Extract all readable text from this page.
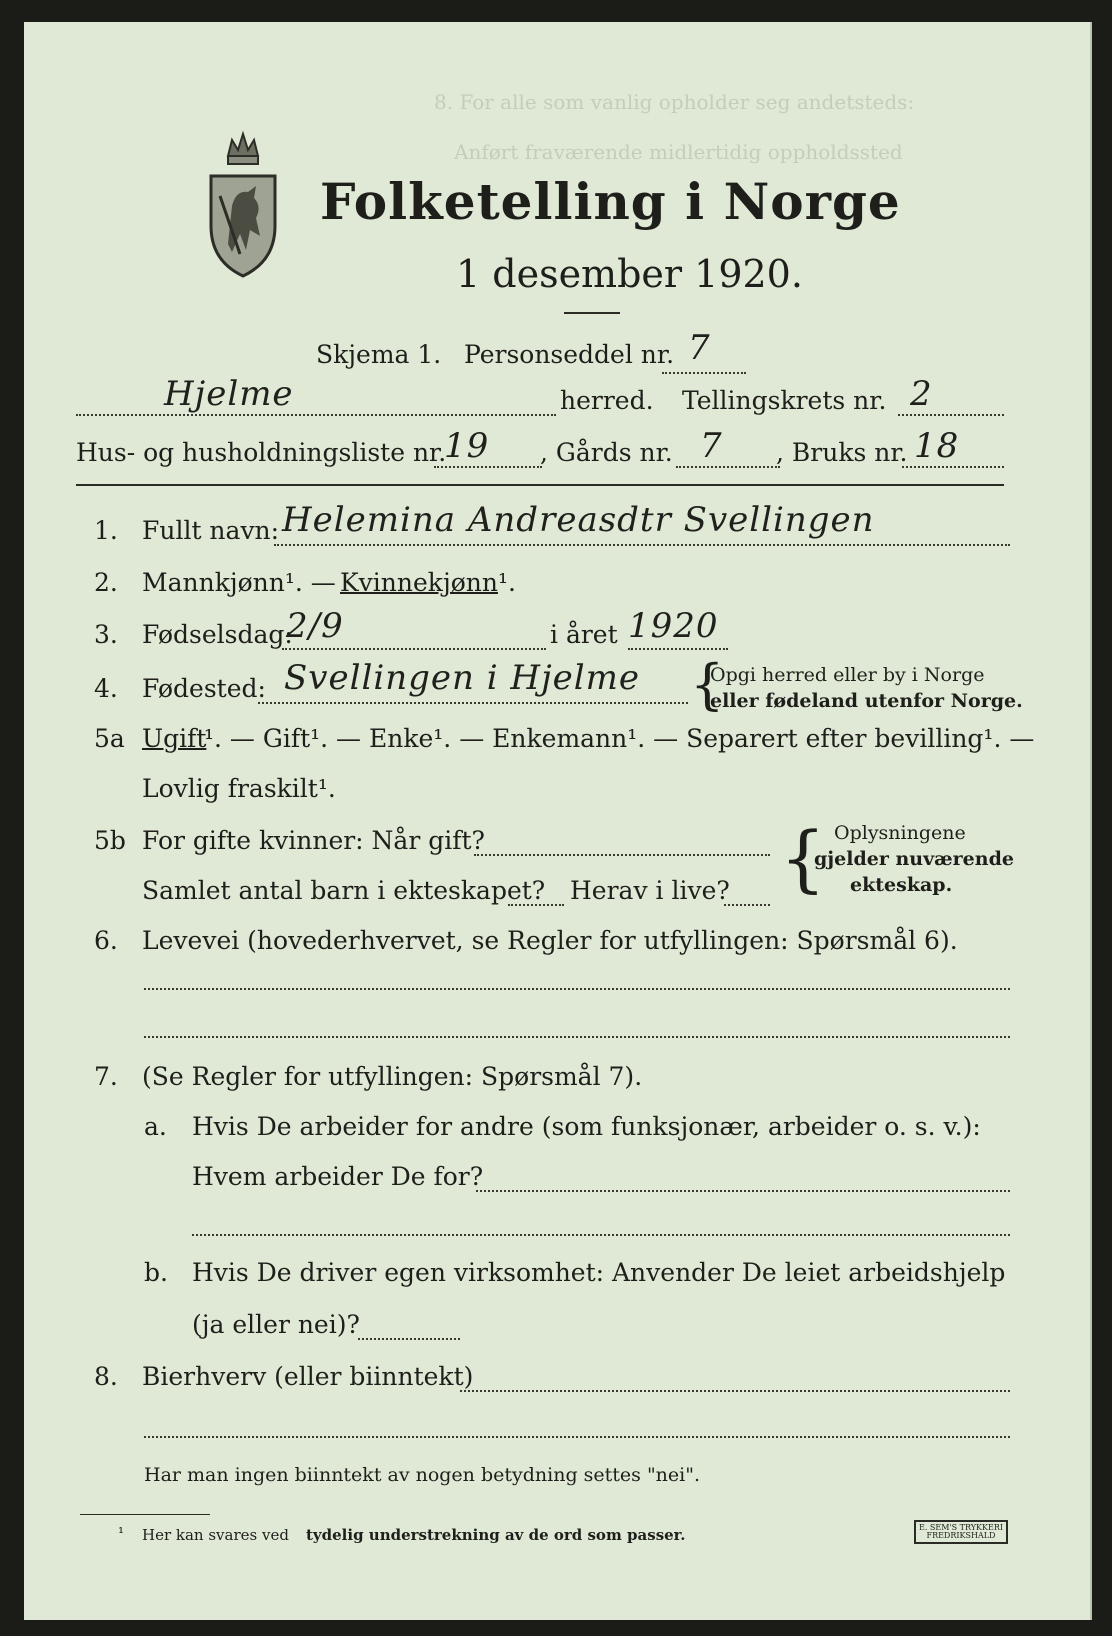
8. For alle som vanlig opholder seg andetsteds:
Anført fraværende midlertidig oppholdssted
Folketelling i Norge
1 desember 1920.
Skjema 1. Personseddel nr. 7
Hjelme	herred. Tellingskrets nr. 2
Hus- og husholdningsliste nr.
19 , Gårds nr. 7 , Bruks nr. 18
1. Fullt navn: Helemina Andreasdtr Svellingen
2. Mannkjønn¹. — Kvinnekjønn ¹.
3. Fødselsdag:
2/9	i året 1920
4. Fødested: Svellingen i Hjelme {
Opgi herred eller by i Norge
eller fødeland utenfor Norge.
5a Ugift
¹. — Gift¹. — Enke¹. — Enkemann¹. — Separert efter bevilling¹. —
Lovlig fraskilt¹.
5b For gifte kvinner: Når gift?
Samlet antal barn i ekteskapet? Herav i live? { Oplysningene
gjelder nuværende
ekteskap.
6. Levevei (hovederhvervet, se Regler for utfyllingen: Spørsmål 6).
7. (Se Regler for utfyllingen: Spørsmål 7).
a. Hvis De arbeider for andre (som funksjonær, arbeider o. s. v.):
Hvem arbeider De for?
b. Hvis De driver egen virksomhet: Anvender De leiet arbeidshjelp
(ja eller nei)?
8. Bierhverv (eller biinntekt)
Har man ingen biinntekt av nogen betydning settes "nei".
¹ Her kan svares ved tydelig understrekning av de ord som passer.	E. SEM'S TRYKKERI FREDRIKSHALD
